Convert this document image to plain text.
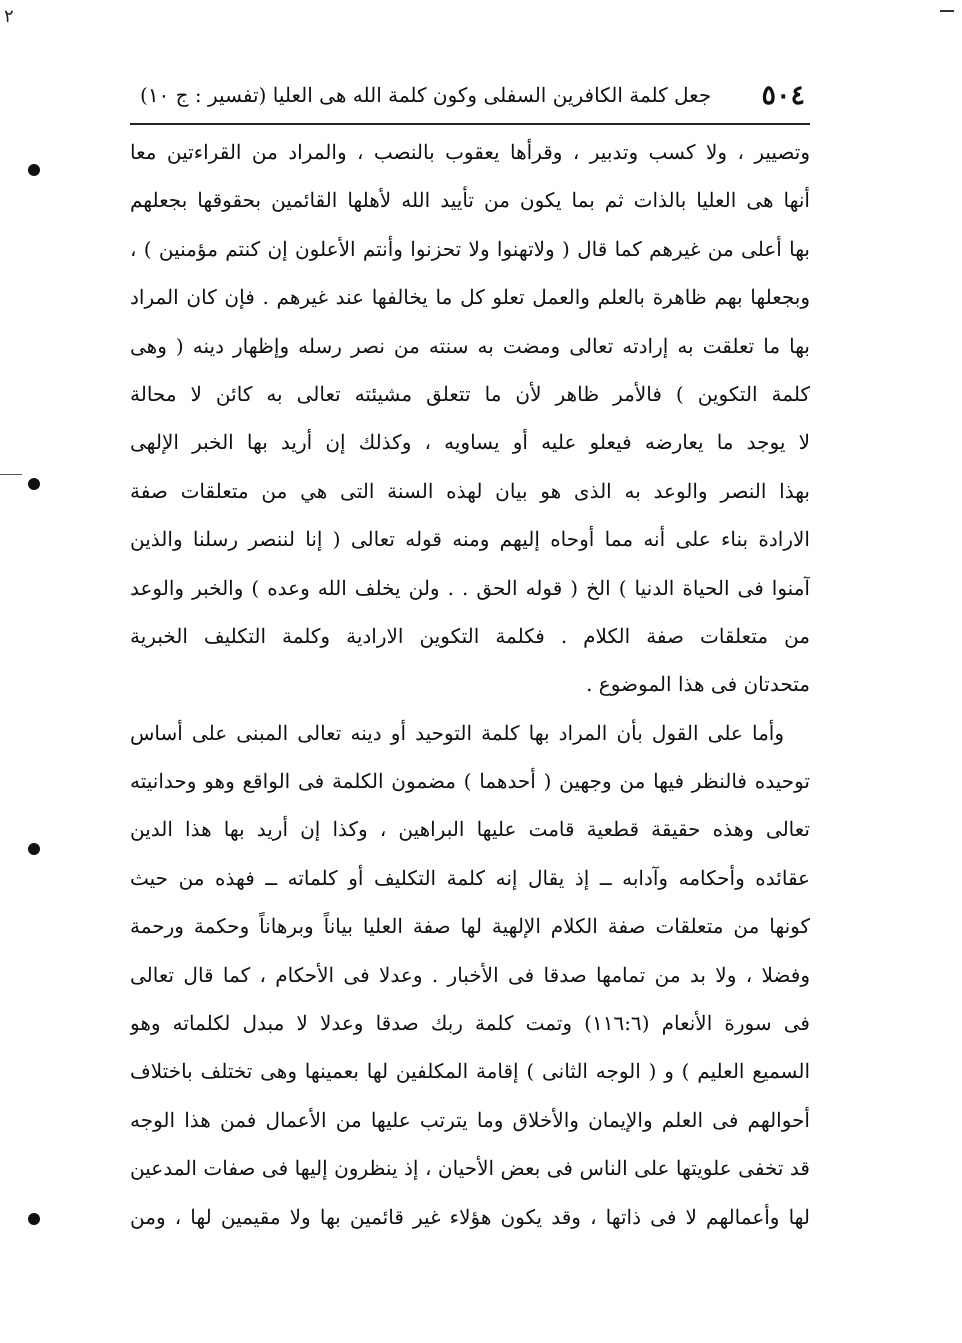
٢
٥٠٤
جعل كلمة الكافرين السفلى وكون كلمة الله هى العليا (تفسير : ج ١٠)
وتصيير ، ولا كسب وتدبير ، وقرأها يعقوب بالنصب ، والمراد من القراءتين معا
أنها هى العليا بالذات ثم بما يكون من تأييد الله لأهلها القائمين بحقوقها بجعلهم
بها أعلى من غيرهم كما قال ( ولاتهنوا ولا تحزنوا وأنتم الأعلون إن كنتم مؤمنين ) ،
وبجعلها بهم ظاهرة بالعلم والعمل تعلو كل ما يخالفها عند غيرهم . فإن كان المراد
بها ما تعلقت به إرادته تعالى ومضت به سنته من نصر رسله وإظهار دينه ( وهى
كلمة التكوين ) فالأمر ظاهر لأن ما تتعلق مشيئته تعالى به كائن لا محالة
لا يوجد ما يعارضه فيعلو عليه أو يساويه ، وكذلك إن أريد بها الخبر الإلهى
بهذا النصر والوعد به الذى هو بيان لهذه السنة التى هي من متعلقات صفة
الارادة بناء على أنه مما أوحاه إليهم ومنه قوله تعالى ( إنا لننصر رسلنا والذين
آمنوا فى الحياة الدنيا ) الخ ( قوله الحق . . ولن يخلف الله وعده ) والخبر والوعد
من متعلقات صفة الكلام . فكلمة التكوين الارادية وكلمة التكليف الخبرية
متحدتان فى هذا الموضوع .
وأما على القول بأن المراد بها كلمة التوحيد أو دينه تعالى المبنى على أساس
توحيده فالنظر فيها من وجهين ( أحدهما ) مضمون الكلمة فى الواقع وهو وحدانيته
تعالى وهذه حقيقة قطعية قامت عليها البراهين ، وكذا إن أريد بها هذا الدين
عقائده وأحكامه وآدابه ــ إذ يقال إنه كلمة التكليف أو كلماته ــ فهذه من حيث
كونها من متعلقات صفة الكلام الإلهية لها صفة العليا بياناً وبرهاناً وحكمة ورحمة
وفضلا ، ولا بد من تمامها صدقا فى الأخبار . وعدلا فى الأحكام ، كما قال تعالى
فى سورة الأنعام (١١٦:٦) وتمت كلمة ربك صدقا وعدلا لا مبدل لكلماته وهو
السميع العليم ) و ( الوجه الثانى ) إقامة المكلفين لها بعمينها وهى تختلف باختلاف
أحوالهم فى العلم والإيمان والأخلاق وما يترتب عليها من الأعمال فمن هذا الوجه
قد تخفى علويتها على الناس فى بعض الأحيان ، إذ ينظرون إليها فى صفات المدعين
لها وأعمالهم لا فى ذاتها ، وقد يكون هؤلاء غير قائمين بها ولا مقيمين لها ، ومن
